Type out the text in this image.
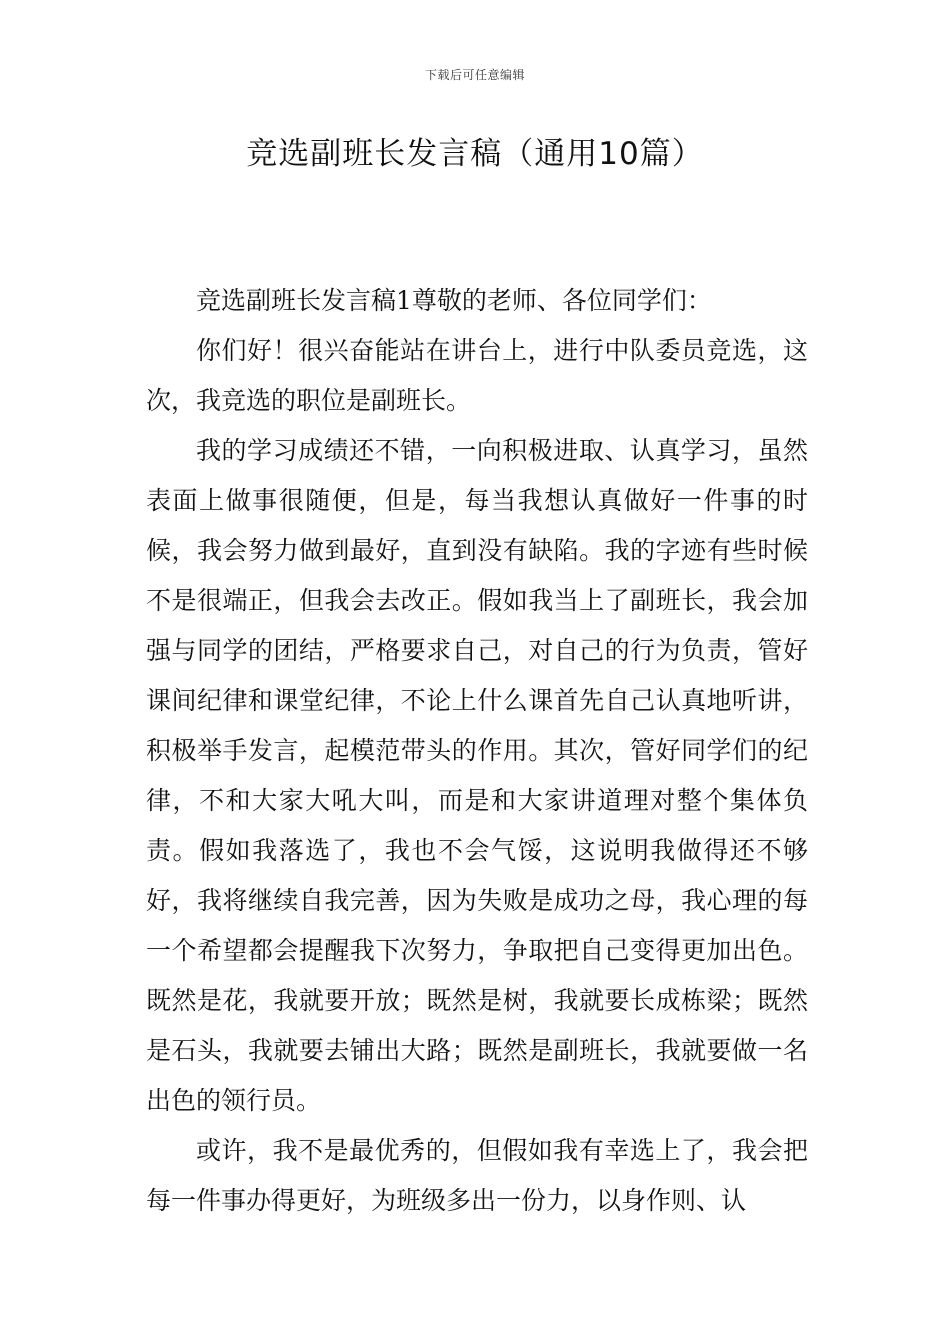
下载后可任意编辑
竞选副班长发言稿（通用10篇）

竞选副班长发言稿1尊敬的老师、各位同学们：

你们好！很兴奋能站在讲台上，进行中队委员竞选，这次，我竞选的职位是副班长。

我的学习成绩还不错，一向积极进取、认真学习，虽然表面上做事很随便，但是，每当我想认真做好一件事的时候，我会努力做到最好，直到没有缺陷。我的字迹有些时候不是很端正，但我会去改正。假如我当上了副班长，我会加强与同学的团结，严格要求自己，对自己的行为负责，管好课间纪律和课堂纪律，不论上什么课首先自己认真地听讲，积极举手发言，起模范带头的作用。其次，管好同学们的纪律，不和大家大吼大叫，而是和大家讲道理对整个集体负责。假如我落选了，我也不会气馁，这说明我做得还不够好，我将继续自我完善，因为失败是成功之母，我心理的每一个希望都会提醒我下次努力，争取把自己变得更加出色。既然是花，我就要开放；既然是树，我就要长成栋梁；既然是石头，我就要去铺出大路；既然是副班长，我就要做一名出色的领行员。

或许，我不是最优秀的，但假如我有幸选上了，我会把每一件事办得更好，为班级多出一份力，以身作则、认
